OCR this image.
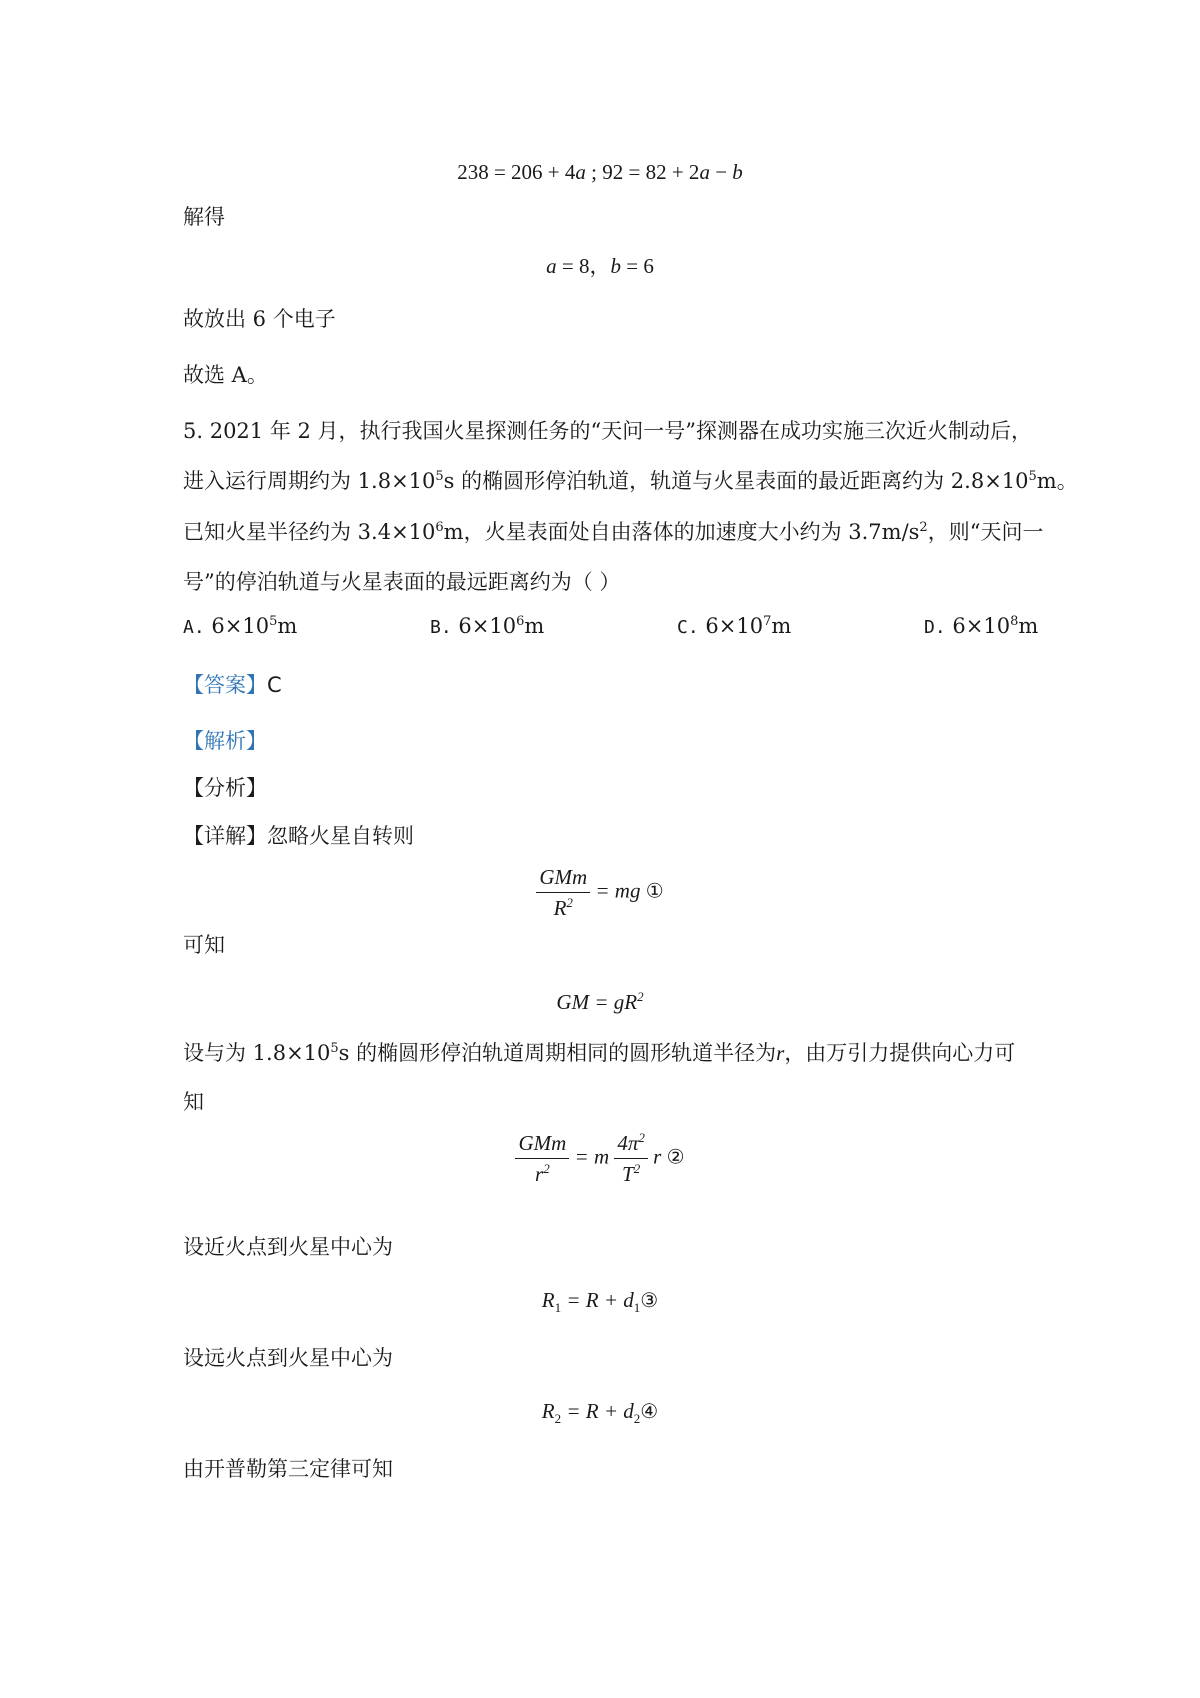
238 = 206 + 4a ; 92 = 82 + 2a − b
解得
a = 8，b = 6
故放出 6 个电子
故选 A。
5. 2021 年 2 月，执行我国火星探测任务的“天问一号”探测器在成功实施三次近火制动后，
进入运行周期约为 $1.8\times 10^5s$ 的椭圆形停泊轨道，轨道与火星表面的最近距离约为 $2.8\times 10^5m$。
已知火星半径约为 $3.4\times 10^6m$，火星表面处自由落体的加速度大小约为 $3.7m/s^2$，则“天问一
号”的停泊轨道与火星表面的最远距离约为（ ）
A. $6\times 10^5m$	B. $6\times 10^6m$	C. $6\times 10^7m$	D. $6\times 10^8m$
【答案】C
【解析】
【分析】
【详解】忽略火星自转则
$\frac{\text{GMm}}{R^2}$ = mg ①
可知
GM = $gR^2$
设与为 $1.8\times 10^5s$ 的椭圆形停泊轨道周期相同的圆形轨道半径为r，由万引力提供向心力可
知
$\frac{\text{GMm}}{r^2} = m \frac{4\pi^2}{T^2}$ r ②
设近火点到火星中心为
$R_1 = R$ + $d_1③$
设远火点到火星中心为
$R_2 = R$ + $d_2④$
由开普勒第三定律可知
